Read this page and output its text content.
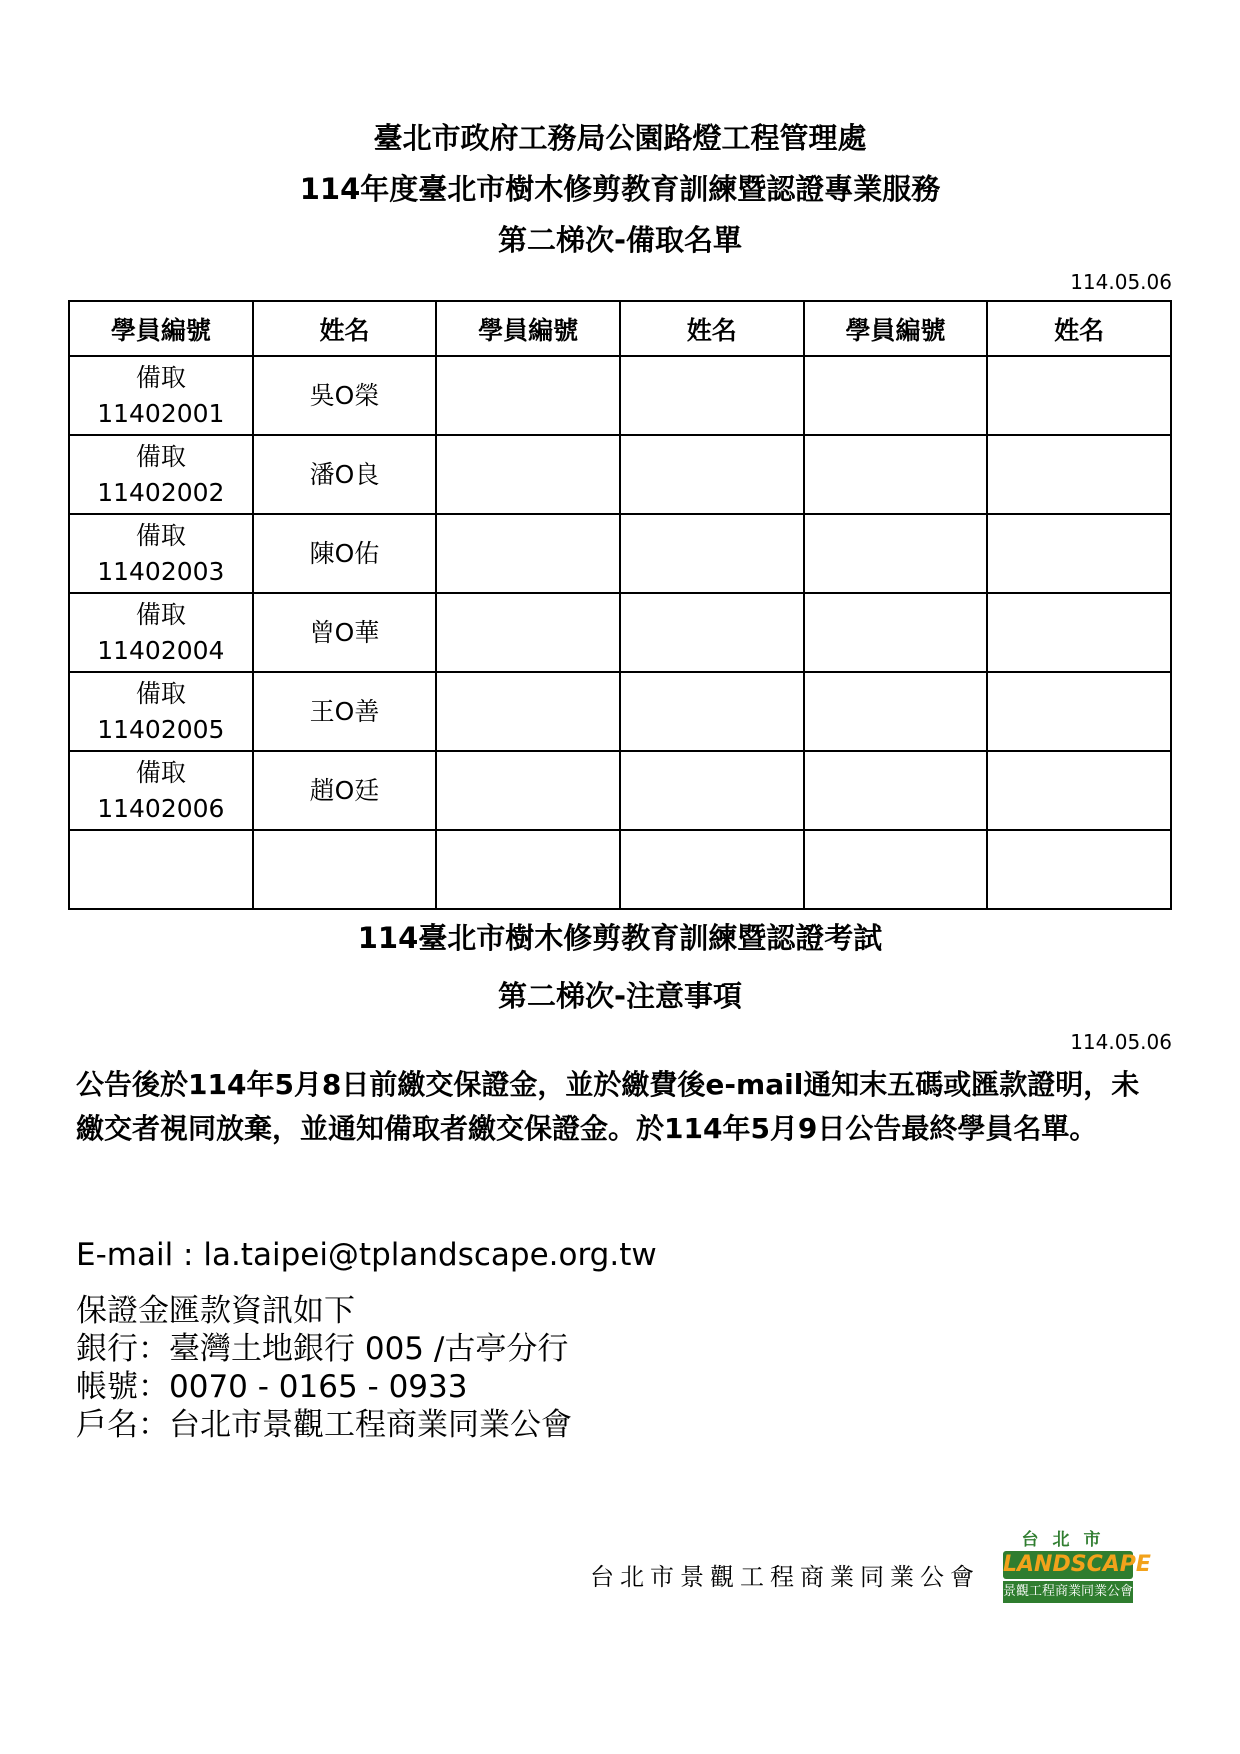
臺北市政府工務局公園路燈工程管理處
114年度臺北市樹木修剪教育訓練暨認證專業服務
第二梯次-備取名單
114.05.06
學員編號	姓名	學員編號	姓名	學員編號	姓名

備取
11402001	吳O榮				

備取
11402002	潘O良				

備取
11402003	陳O佑				

備取
11402004	曾O華				

備取
11402005	王O善				

備取
11402006	趙O廷				

114臺北市樹木修剪教育訓練暨認證考試
第二梯次-注意事項
114.05.06
公告後於114年5月8日前繳交保證金，並於繳費後e-mail通知末五碼或匯款證明，未繳交者視同放棄，並通知備取者繳交保證金。於114年5月9日公告最終學員名單。
E-mail : la.taipei@tplandscape.org.tw
保證金匯款資訊如下
銀行：臺灣土地銀行 005 /古亭分行
帳號：0070 - 0165 - 0933
戶名：台北市景觀工程商業同業公會
台北市景觀工程商業同業公會
台北市
LANDSCAPE
景觀工程商業同業公會
